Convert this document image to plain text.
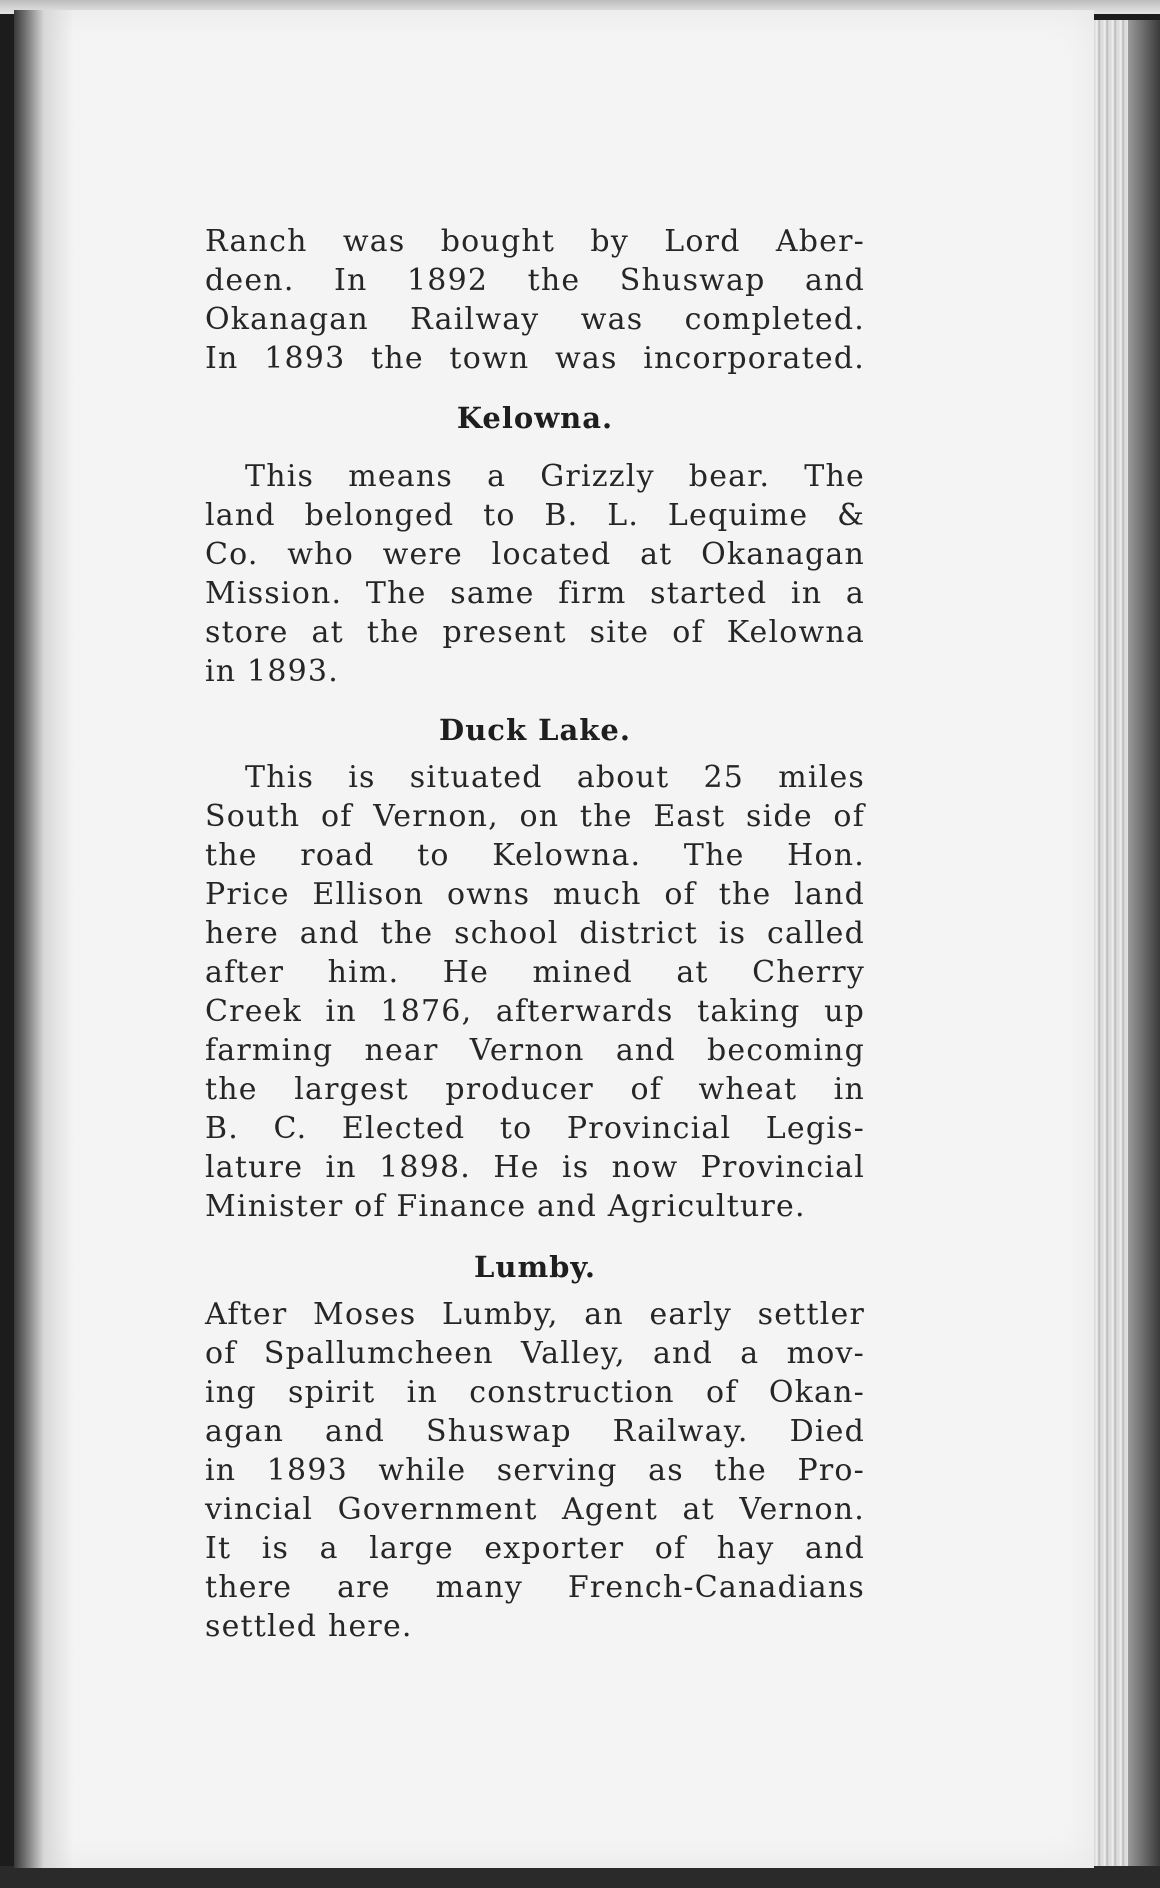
Ranch was bought by Lord Aber-
deen. In 1892 the Shuswap and
Okanagan Railway was completed.
In 1893 the town was incorporated.

Kelowna.

This means a Grizzly bear. The
land belonged to B. L. Lequime &
Co. who were located at Okanagan
Mission. The same firm started in a
store at the present site of Kelowna
in 1893.

Duck Lake.

This is situated about 25 miles
South of Vernon, on the East side of
the road to Kelowna. The Hon.
Price Ellison owns much of the land
here and the school district is called
after him. He mined at Cherry
Creek in 1876, afterwards taking up
farming near Vernon and becoming
the largest producer of wheat in
B. C. Elected to Provincial Legis-
lature in 1898. He is now Provincial
Minister of Finance and Agriculture.

Lumby.

After Moses Lumby, an early settler
of Spallumcheen Valley, and a mov-
ing spirit in construction of Okan-
agan and Shuswap Railway. Died
in 1893 while serving as the Pro-
vincial Government Agent at Vernon.
It is a large exporter of hay and
there are many French-Canadians
settled here.
